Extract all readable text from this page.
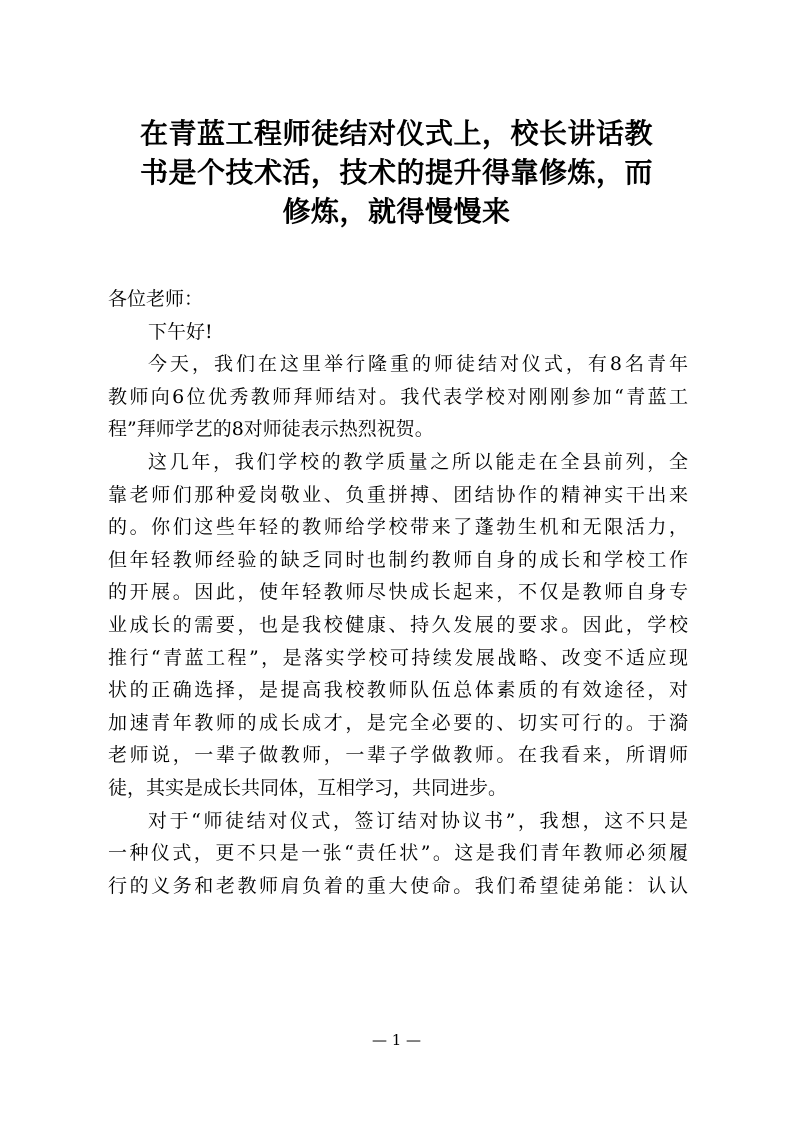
在青蓝工程师徒结对仪式上，校长讲话教
书是个技术活，技术的提升得靠修炼，而
修炼，就得慢慢来
各位老师：
下午好!
今天，我们在这里举行隆重的师徒结对仪式，有8名青年
教师向6位优秀教师拜师结对。我代表学校对刚刚参加“青蓝工
程”拜师学艺的8对师徒表示热烈祝贺。
这几年，我们学校的教学质量之所以能走在全县前列，全
靠老师们那种爱岗敬业、负重拼搏、团结协作的精神实干出来
的。你们这些年轻的教师给学校带来了蓬勃生机和无限活力，
但年轻教师经验的缺乏同时也制约教师自身的成长和学校工作
的开展。因此，使年轻教师尽快成长起来，不仅是教师自身专
业成长的需要，也是我校健康、持久发展的要求。因此，学校
推行“青蓝工程”，是落实学校可持续发展战略、改变不适应现
状的正确选择，是提高我校教师队伍总体素质的有效途径，对
加速青年教师的成长成才，是完全必要的、切实可行的。于漪
老师说，一辈子做教师，一辈子学做教师。在我看来，所谓师
徒，其实是成长共同体，互相学习，共同进步。
对于“师徒结对仪式，签订结对协议书”，我想，这不只是
一种仪式，更不只是一张“责任状”。这是我们青年教师必须履
行的义务和老教师肩负着的重大使命。我们希望徒弟能：认认
— 1 —
